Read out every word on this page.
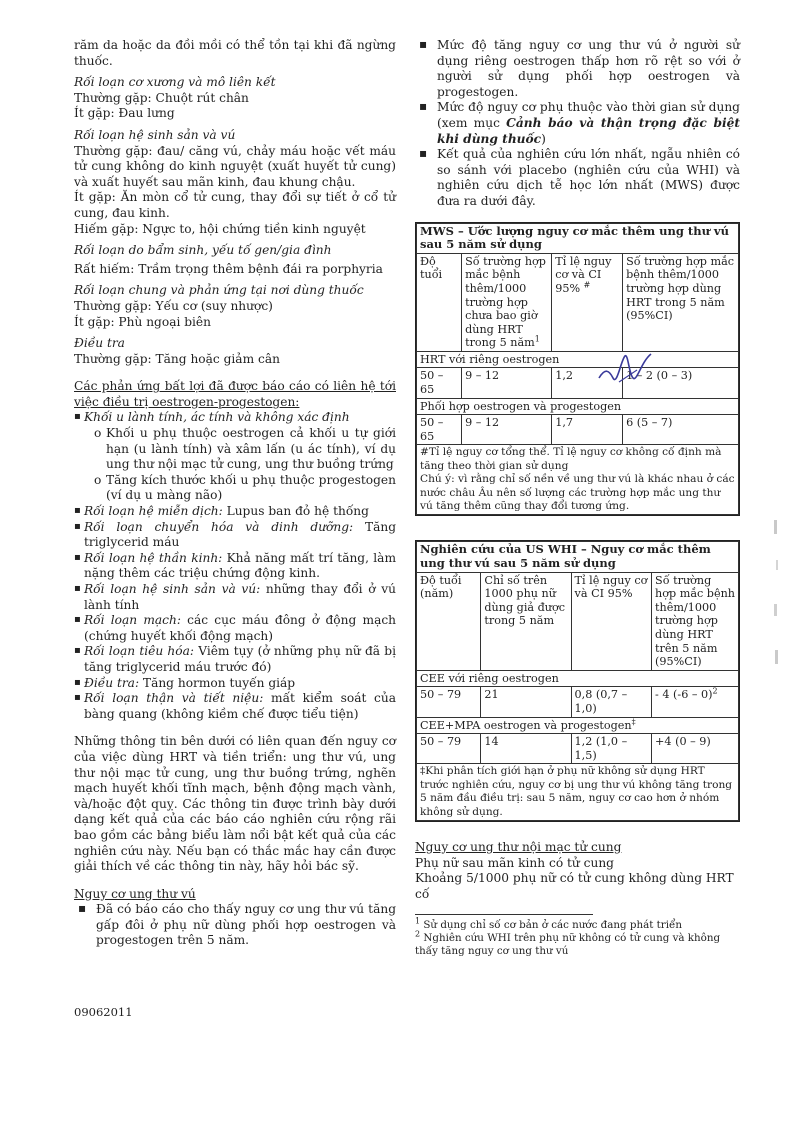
răm da hoặc da đồi mồi có thể tồn tại khi đã ngừng thuốc.

Rối loạn cơ xương và mô liên kết

Thường gặp: Chuột rút chân

Ít gặp: Đau lưng

Rối loạn hệ sinh sản và vú

Thường gặp: đau/ căng vú, chảy máu hoặc vết máu tử cung không do kinh nguyệt (xuất huyết tử cung) và xuất huyết sau mãn kinh, đau khung chậu.

Ít gặp: Ăn mòn cổ tử cung, thay đổi sự tiết ở cổ tử cung, đau kinh.

Hiếm gặp: Ngực to, hội chứng tiền kinh nguyệt

Rối loạn do bẩm sinh, yếu tố gen/gia đình

Rất hiếm: Trầm trọng thêm bệnh đái ra porphyria

Rối loạn chung và phản ứng tại nơi dùng thuốc

Thường gặp: Yếu cơ (suy nhược)

Ít gặp: Phù ngoại biên

Điều tra

Thường gặp: Tăng hoặc giảm cân

Các phản ứng bất lợi đã được báo cáo có liên hệ tới việc điều trị oestrogen-progestogen:

▪ Khối u lành tính, ác tính và không xác định
o Khối u phụ thuộc oestrogen cả khối u tự giới hạn (u lành tính) và xâm lấn (u ác tính), ví dụ ung thư nội mạc tử cung, ung thư buồng trứng
o Tăng kích thước khối u phụ thuộc progestogen (ví dụ u màng não)
▪ Rối loạn hệ miễn dịch: Lupus ban đỏ hệ thống
▪ Rối loạn chuyển hóa và dinh dưỡng: Tăng triglycerid máu
▪ Rối loạn hệ thần kinh: Khả năng mất trí tăng, làm nặng thêm các triệu chứng động kinh.
▪ Rối loạn hệ sinh sản và vú: những thay đổi ở vú lành tính
▪ Rối loạn mạch: các cục máu đông ở động mạch (chứng huyết khối động mạch)
▪ Rối loạn tiêu hóa: Viêm tụy (ở những phụ nữ đã bị tăng triglycerid máu trước đó)
▪ Điều tra: Tăng hormon tuyến giáp
▪ Rối loạn thận và tiết niệu: mất kiểm soát của bàng quang (không kiềm chế được tiểu tiện)

Những thông tin bên dưới có liên quan đến nguy cơ của việc dùng HRT và tiền triển: ung thư vú, ung thư nội mạc tử cung, ung thư buồng trứng, nghẽn mạch huyết khối tĩnh mạch, bệnh động mạch vành, và/hoặc đột quỵ. Các thông tin được trình bày dưới dạng kết quả của các báo cáo nghiên cứu rộng rãi bao gồm các bảng biểu làm nổi bật kết quả của các nghiên cứu này. Nếu bạn có thắc mắc hay cần được giải thích về các thông tin này, hãy hỏi bác sỹ.

Nguy cơ ung thư vú

▪ Đã có báo cáo cho thấy nguy cơ ung thư vú tăng gấp đôi ở phụ nữ dùng phối hợp oestrogen và progestogen trên 5 năm.
09062011
▪ Mức độ tăng nguy cơ ung thư vú ở người sử dụng riêng oestrogen thấp hơn rõ rệt so với ở người sử dụng phối hợp oestrogen và progestogen.
▪ Mức độ nguy cơ phụ thuộc vào thời gian sử dụng (xem mục Cảnh báo và thận trọng đặc biệt khi dùng thuốc)
▪ Kết quả của nghiên cứu lớn nhất, ngẫu nhiên có so sánh với placebo (nghiên cứu của WHI) và nghiên cứu dịch tễ học lớn nhất (MWS) được đưa ra dưới đây.
MWS – Ước lượng nguy cơ mắc thêm ung thư vú sau 5 năm sử dụng			
Độ tuổi	Số trường hợp mắc bệnh thêm/1000 trường hợp chưa bao giờ dùng HRT trong 5 năm$^1$	Tỉ lệ nguy cơ và CI 95% #	Số trường hợp mắc bệnh thêm/1000 trường hợp dùng HRT trong 5 năm (95%CI)
HRT với riêng oestrogen			
50 – 65	9 – 12	1,2	1 – 2 (0 – 3)
Phối hợp oestrogen và progestogen			
50 – 65	9 – 12	1,7	6 (5 – 7)

#Tỉ lệ nguy cơ tổng thể. Tỉ lệ nguy cơ không cố định mà tăng theo thời gian sử dụng
Chú ý: vì rằng chỉ số nền về ung thư vú là khác nhau ở các nước châu Âu nên số lượng các trường hợp mắc ung thư vú tăng thêm cũng thay đổi tương ứng.			
Nghiên cứu của US WHI – Nguy cơ mắc thêm ung thư vú sau 5 năm sử dụng			
Độ tuổi (năm)	Chỉ số trên 1000 phụ nữ dùng giả được trong 5 năm	Tỉ lệ nguy cơ và CI 95%	Số trường hợp mắc bệnh thêm/1000 trường hợp dùng HRT trên 5 năm (95%CI)
CEE với riêng oestrogen			
50 – 79	21	0,8 (0,7 – 1,0)	- 4 (-6 – 0)$^2$
CEE+MPA oestrogen và progestogen‡
50 – 79	14	1,2 (1,0 – 1,5)	+4 (0 – 9)
‡Khi phân tích giới hạn ở phụ nữ không sử dụng HRT trước nghiên cứu, nguy cơ bị ung thư vú không tăng trong 5 năm đầu điều trị: sau 5 năm, nguy cơ cao hơn ở nhóm không sử dụng.			

Nguy cơ ung thư nội mạc tử cung

Phụ nữ sau mãn kinh có tử cung

Khoảng 5/1000 phụ nữ có tử cung không dùng HRT cố

$^1$ Sử dụng chỉ số cơ bản ở các nước đang phát triển
$^2$ Nghiên cứu WHI trên phụ nữ không có tử cung và không thấy tăng nguy cơ ung thư vú
